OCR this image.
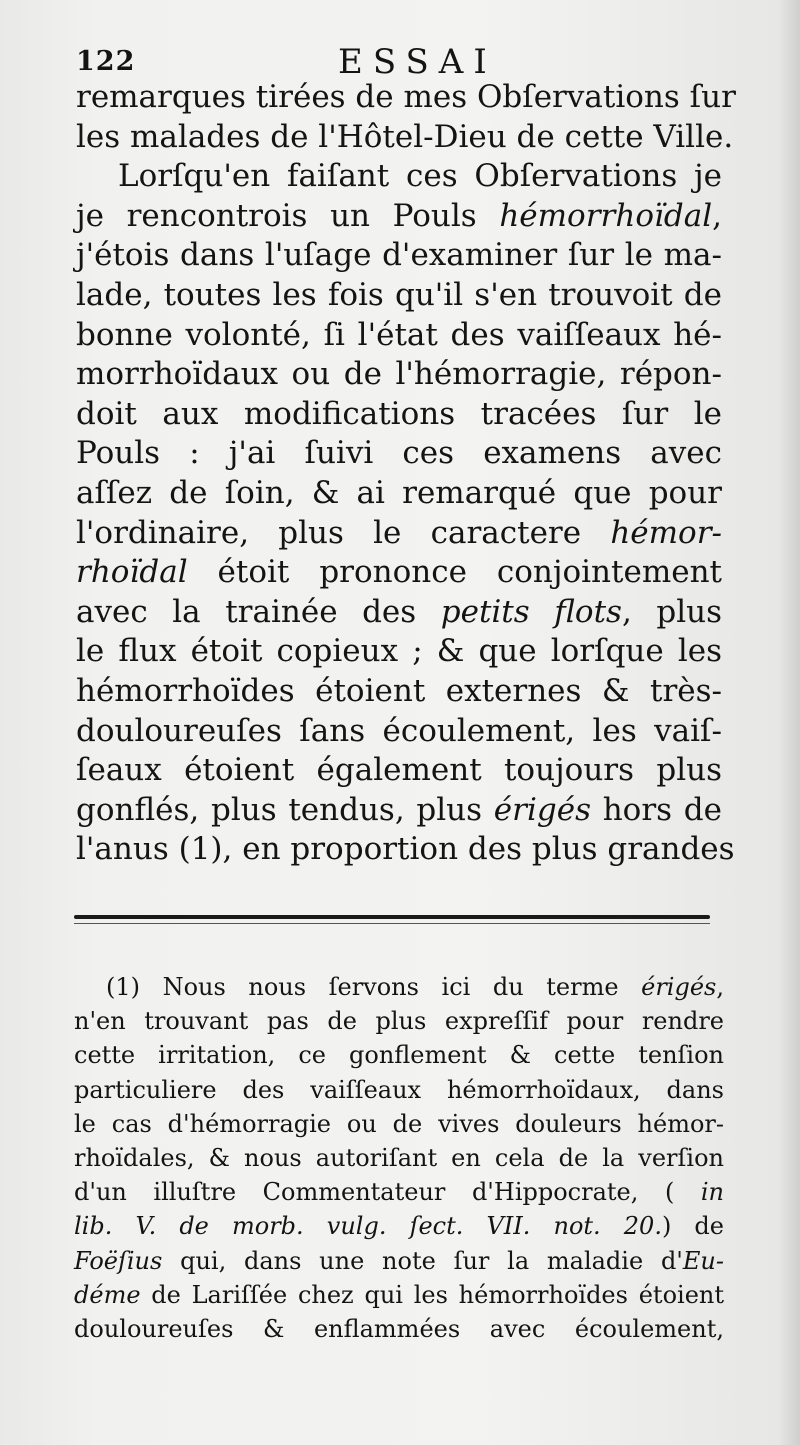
122	ESSAI
remarques tirées de mes Obſervations ſur
les malades de l'Hôtel-Dieu de cette Ville.
Lorſqu'en faiſant ces Obſervations je
je rencontrois un Pouls hémorrhoïdal,
j'étois dans l'uſage d'examiner ſur le ma-
lade, toutes les fois qu'il s'en trouvoit de
bonne volonté, ſi l'état des vaiſſeaux hé-
morrhoïdaux ou de l'hémorragie, répon-
doit aux modifications tracées ſur le
Pouls : j'ai ſuivi ces examens avec
aſſez de ſoin, & ai remarqué que pour
l'ordinaire, plus le caractere hémor-
rhoïdal étoit prononce conjointement
avec la trainée des petits flots, plus
le flux étoit copieux ; & que lorſque les
hémorrhoïdes étoient externes & très-
douloureuſes ſans écoulement, les vaiſ-
ſeaux étoient également toujours plus
gonflés, plus tendus, plus érigés hors de
l'anus (1), en proportion des plus grandes
(1) Nous nous ſervons ici du terme érigés,
n'en trouvant pas de plus expreſſif pour rendre
cette irritation, ce gonflement & cette tenſion
particuliere des vaiſſeaux hémorrhoïdaux, dans
le cas d'hémorragie ou de vives douleurs hémor-
rhoïdales, & nous autoriſant en cela de la verſion
d'un illuſtre Commentateur d'Hippocrate, ( in
lib. V. de morb. vulg. ſect. VII. not. 20.) de
Foëſius qui, dans une note ſur la maladie d'Eu-
déme de Lariſſée chez qui les hémorrhoïdes étoient
douloureuſes & enflammées avec écoulement,
